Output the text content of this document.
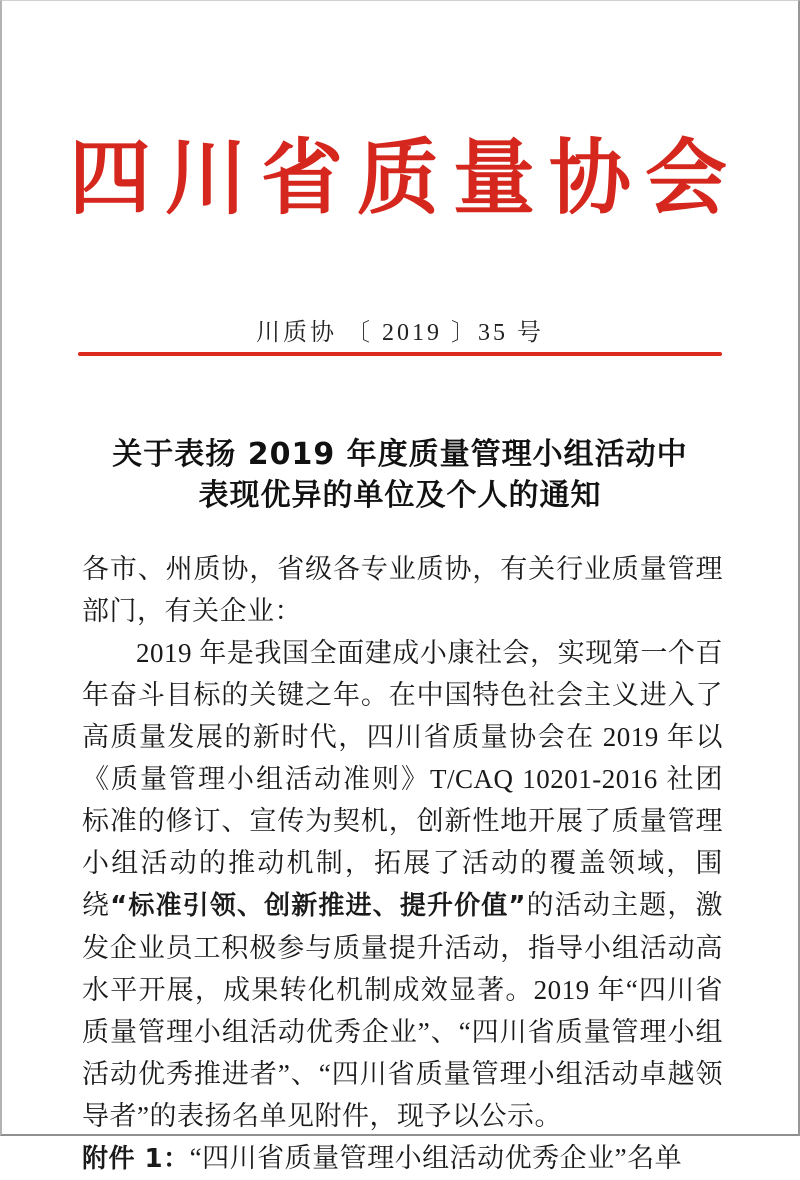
四川省质量协会
川质协 〔 2019 〕35 号
关于表扬 2019 年度质量管理小组活动中
表现优异的单位及个人的通知

各市、州质协，省级各专业质协，有关行业质量管理部门，有关企业：

2019 年是我国全面建成小康社会，实现第一个百年奋斗目标的关键之年。在中国特色社会主义进入了高质量发展的新时代，四川省质量协会在 2019 年以《质量管理小组活动准则》T/CAQ 10201-2016 社团标准的修订、宣传为契机，创新性地开展了质量管理小组活动的推动机制，拓展了活动的覆盖领域，围绕“标准引领、创新推进、提升价值”的活动主题，激发企业员工积极参与质量提升活动，指导小组活动高水平开展，成果转化机制成效显著。2019 年“四川省质量管理小组活动优秀企业”、“四川省质量管理小组活动优秀推进者”、“四川省质量管理小组活动卓越领导者”的表扬名单见附件，现予以公示。

附件 1：“四川省质量管理小组活动优秀企业”名单
